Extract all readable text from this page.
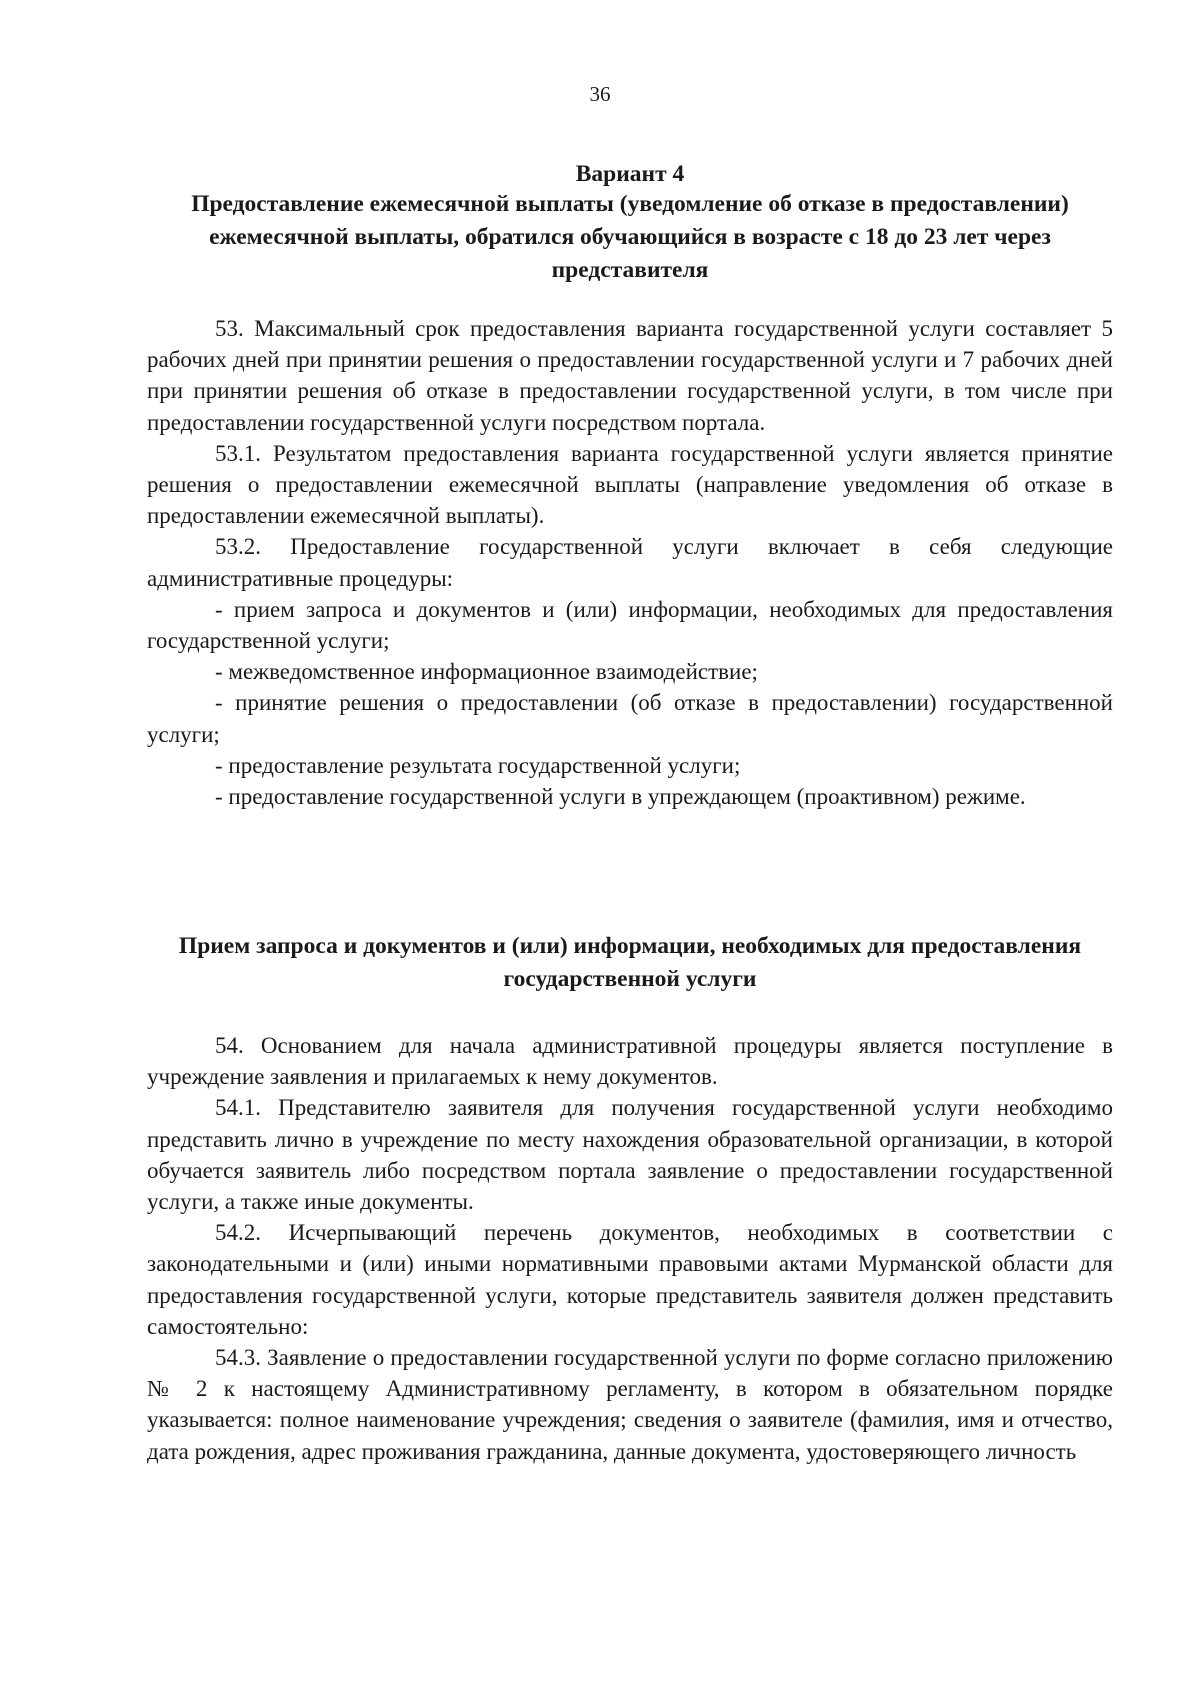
36
Вариант 4
Предоставление ежемесячной выплаты (уведомление об отказе в предоставлении) ежемесячной выплаты, обратился обучающийся в возрасте с 18 до 23 лет через представителя

53. Максимальный срок предоставления варианта государственной услуги составляет 5 рабочих дней при принятии решения о предоставлении государственной услуги и 7 рабочих дней при принятии решения об отказе в предоставлении государственной услуги, в том числе при предоставлении государственной услуги посредством портала.

53.1. Результатом предоставления варианта государственной услуги является принятие решения о предоставлении ежемесячной выплаты (направление уведомления об отказе в предоставлении ежемесячной выплаты).

53.2. Предоставление государственной услуги включает в себя следующие административные процедуры:

- прием запроса и документов и (или) информации, необходимых для предоставления государственной услуги;

- межведомственное информационное взаимодействие;

- принятие решения о предоставлении (об отказе в предоставлении) государственной услуги;

- предоставление результата государственной услуги;

- предоставление государственной услуги в упреждающем (проактивном) режиме.

Прием запроса и документов и (или) информации, необходимых для предоставления государственной услуги

54. Основанием для начала административной процедуры является поступление в учреждение заявления и прилагаемых к нему документов.

54.1. Представителю заявителя для получения государственной услуги необходимо представить лично в учреждение по месту нахождения образовательной организации, в которой обучается заявитель либо посредством портала заявление о предоставлении государственной услуги, а также иные документы.

54.2. Исчерпывающий перечень документов, необходимых в соответствии с законодательными и (или) иными нормативными правовыми актами Мурманской области для предоставления государственной услуги, которые представитель заявителя должен представить самостоятельно:

54.3. Заявление о предоставлении государственной услуги по форме согласно приложению № 2 к настоящему Административному регламенту, в котором в обязательном порядке указывается: полное наименование учреждения; сведения о заявителе (фамилия, имя и отчество, дата рождения, адрес проживания гражданина, данные документа, удостоверяющего личность
